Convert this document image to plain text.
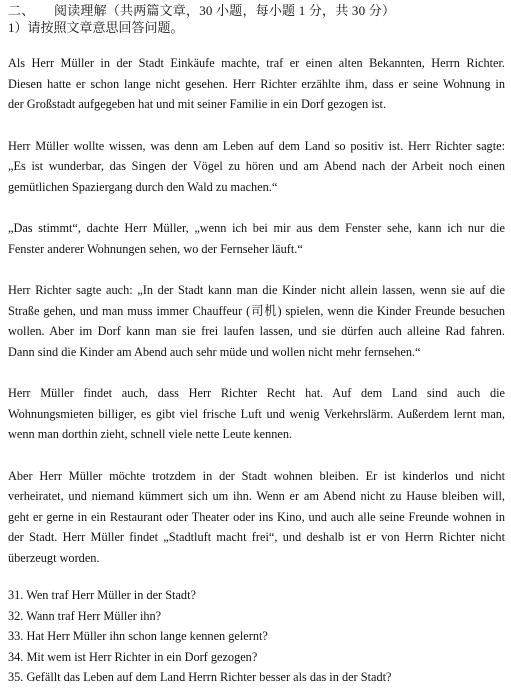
二、 阅读理解（共两篇文章，30 小题，每小题 1 分，共 30 分）
1）请按照文章意思回答问题。

Als Herr Müller in der Stadt Einkäufe machte, traf er einen alten Bekannten, Herrn Richter.
Diesen hatte er schon lange nicht gesehen. Herr Richter erzählte ihm, dass er seine Wohnung in
der Großstadt aufgegeben hat und mit seiner Familie in ein Dorf gezogen ist.

Herr Müller wollte wissen, was denn am Leben auf dem Land so positiv ist. Herr Richter sagte:
„Es ist wunderbar, das Singen der Vögel zu hören und am Abend nach der Arbeit noch einen
gemütlichen Spaziergang durch den Wald zu machen.“

„Das stimmt“, dachte Herr Müller, „wenn ich bei mir aus dem Fenster sehe, kann ich nur die
Fenster anderer Wohnungen sehen, wo der Fernseher läuft.“

Herr Richter sagte auch: „In der Stadt kann man die Kinder nicht allein lassen, wenn sie auf die
Straße gehen, und man muss immer Chauffeur (司机) spielen, wenn die Kinder Freunde besuchen
wollen. Aber im Dorf kann man sie frei laufen lassen, und sie dürfen auch alleine Rad fahren.
Dann sind die Kinder am Abend auch sehr müde und wollen nicht mehr fernsehen.“

Herr Müller findet auch, dass Herr Richter Recht hat. Auf dem Land sind auch die
Wohnungsmieten billiger, es gibt viel frische Luft und wenig Verkehrslärm. Außerdem lernt man,
wenn man dorthin zieht, schnell viele nette Leute kennen.

Aber Herr Müller möchte trotzdem in der Stadt wohnen bleiben. Er ist kinderlos und nicht
verheiratet, und niemand kümmert sich um ihn. Wenn er am Abend nicht zu Hause bleiben will,
geht er gerne in ein Restaurant oder Theater oder ins Kino, und auch alle seine Freunde wohnen in
der Stadt. Herr Müller findet „Stadtluft macht frei“, und deshalb ist er von Herrn Richter nicht
überzeugt worden.

31. Wen traf Herr Müller in der Stadt?
32. Wann traf Herr Müller ihn?
33. Hat Herr Müller ihn schon lange kennen gelernt?
34. Mit wem ist Herr Richter in ein Dorf gezogen?
35. Gefällt das Leben auf dem Land Herrn Richter besser als das in der Stadt?
